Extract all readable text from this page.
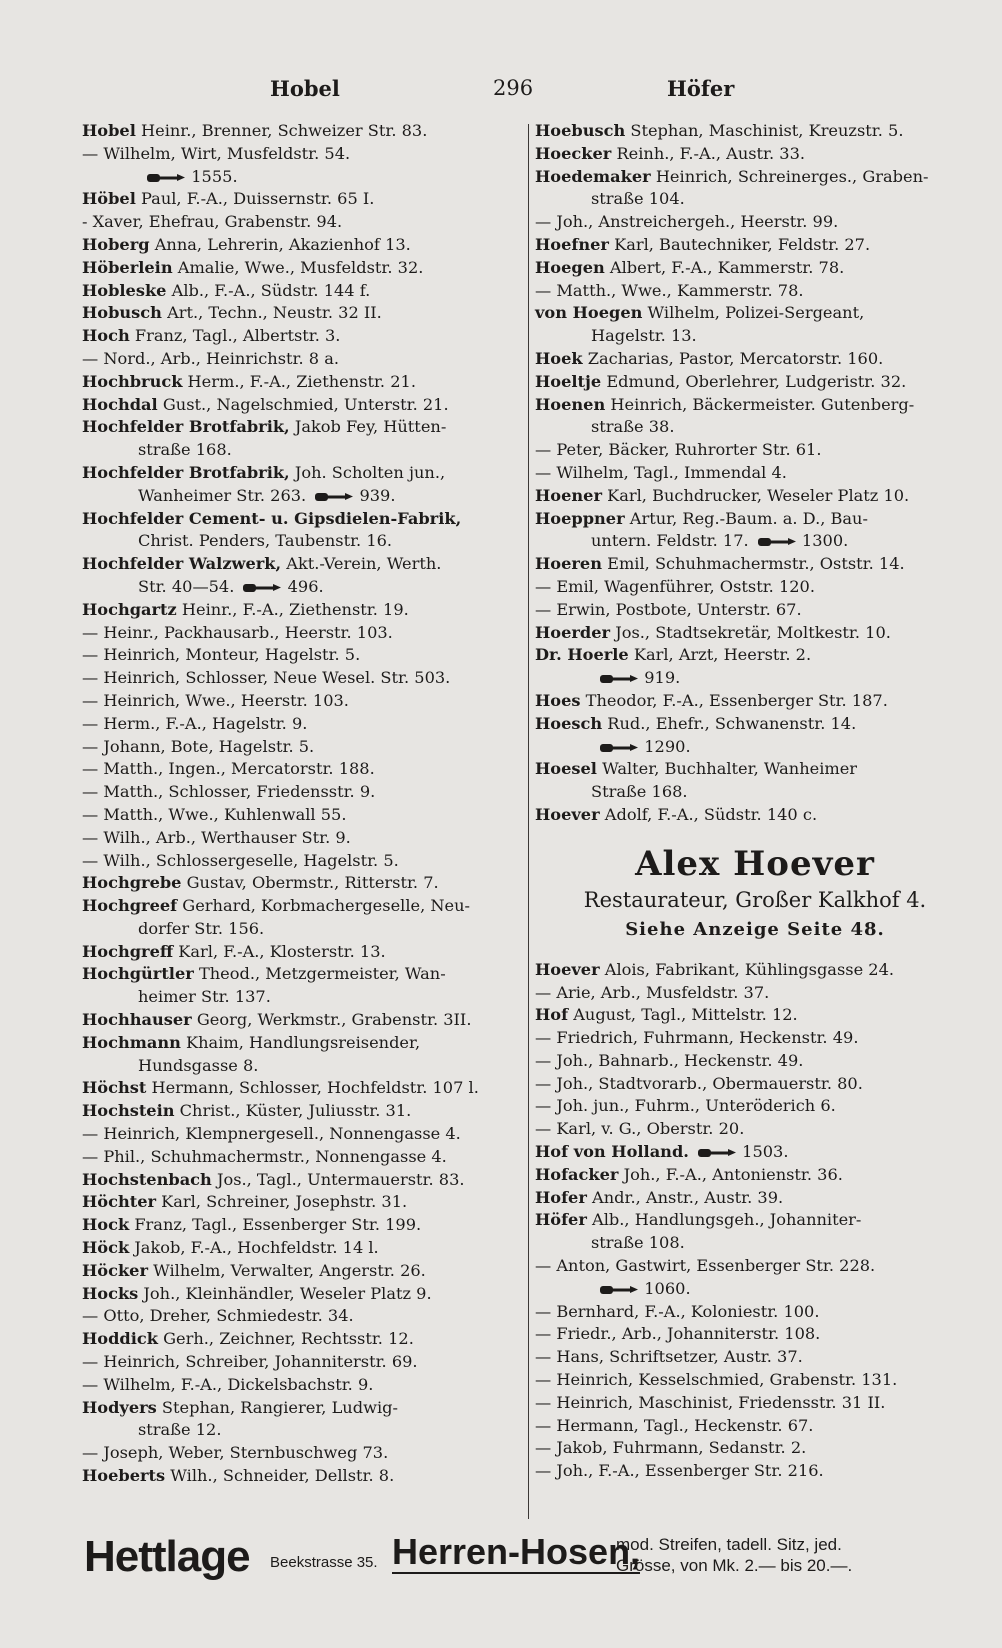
Hobel	296	Höfer
Hobel Heinr., Brenner, Schweizer Str. 83.
— Wilhelm, Wirt, Musfeldstr. 54.
  1555.
Höbel Paul, F.-A., Duissernstr. 65 I.
- Xaver, Ehefrau, Grabenstr. 94.
Hoberg Anna, Lehrerin, Akazienhof 13.
Höberlein Amalie, Wwe., Musfeldstr. 32.
Hobleske Alb., F.-A., Südstr. 144 f.
Hobusch Art., Techn., Neustr. 32 II.
Hoch Franz, Tagl., Albertstr. 3.
— Nord., Arb., Heinrichstr. 8 a.
Hochbruck Herm., F.-A., Ziethenstr. 21.
Hochdal Gust., Nagelschmied, Unterstr. 21.
Hochfelder Brotfabrik, Jakob Fey, Hütten-
straße 168.
Hochfelder Brotfabrik, Joh. Scholten jun.,
Wanheimer Str. 263. 	939.
Hochfelder Cement- u. Gipsdielen-Fabrik,
Christ. Penders, Taubenstr. 16.
Hochfelder Walzwerk, Akt.-Verein, Werth.
Str. 40—54. 	496.
Hochgartz Heinr., F.-A., Ziethenstr. 19.
— Heinr., Packhausarb., Heerstr. 103.
— Heinrich, Monteur, Hagelstr. 5.
— Heinrich, Schlosser, Neue Wesel. Str. 503.
— Heinrich, Wwe., Heerstr. 103.
— Herm., F.-A., Hagelstr. 9.
— Johann, Bote, Hagelstr. 5.
— Matth., Ingen., Mercatorstr. 188.
— Matth., Schlosser, Friedensstr. 9.
— Matth., Wwe., Kuhlenwall 55.
— Wilh., Arb., Werthauser Str. 9.
— Wilh., Schlossergeselle, Hagelstr. 5.
Hochgrebe Gustav, Obermstr., Ritterstr. 7.
Hochgreef Gerhard, Korbmachergeselle, Neu-
dorfer Str. 156.
Hochgreff Karl, F.-A., Klosterstr. 13.
Hochgürtler Theod., Metzgermeister, Wan-
heimer Str. 137.
Hochhauser Georg, Werkmstr., Grabenstr. 3II.
Hochmann Khaim, Handlungsreisender,
Hundsgasse 8.
Höchst Hermann, Schlosser, Hochfeldstr. 107 l.
Hochstein Christ., Küster, Juliusstr. 31.
— Heinrich, Klempnergesell., Nonnengasse 4.
— Phil., Schuhmachermstr., Nonnengasse 4.
Hochstenbach Jos., Tagl., Untermauerstr. 83.
Höchter Karl, Schreiner, Josephstr. 31.
Hock Franz, Tagl., Essenberger Str. 199.
Höck Jakob, F.-A., Hochfeldstr. 14 l.
Höcker Wilhelm, Verwalter, Angerstr. 26.
Hocks Joh., Kleinhändler, Weseler Platz 9.
— Otto, Dreher, Schmiedestr. 34.
Hoddick Gerh., Zeichner, Rechtsstr. 12.
— Heinrich, Schreiber, Johanniterstr. 69.
— Wilhelm, F.-A., Dickelsbachstr. 9.
Hodyers Stephan, Rangierer, Ludwig-
straße 12.
— Joseph, Weber, Sternbuschweg 73.
Hoeberts Wilh., Schneider, Dellstr. 8.
Hoebusch Stephan, Maschinist, Kreuzstr. 5.
Hoecker Reinh., F.-A., Austr. 33.
Hoedemaker Heinrich, Schreinerges., Graben-
straße 104.
— Joh., Anstreichergeh., Heerstr. 99.
Hoefner Karl, Bautechniker, Feldstr. 27.
Hoegen Albert, F.-A., Kammerstr. 78.
— Matth., Wwe., Kammerstr. 78.
von Hoegen Wilhelm, Polizei-Sergeant,
Hagelstr. 13.
Hoek Zacharias, Pastor, Mercatorstr. 160.
Hoeltje Edmund, Oberlehrer, Ludgeristr. 32.
Hoenen Heinrich, Bäckermeister. Gutenberg-
straße 38.
— Peter, Bäcker, Ruhrorter Str. 61.
— Wilhelm, Tagl., Immendal 4.
Hoener Karl, Buchdrucker, Weseler Platz 10.
Hoeppner Artur, Reg.-Baum. a. D., Bau-
untern. Feldstr. 17. 	1300.
Hoeren Emil, Schuhmachermstr., Oststr. 14.
— Emil, Wagenführer, Oststr. 120.
— Erwin, Postbote, Unterstr. 67.
Hoerder Jos., Stadtsekretär, Moltkestr. 10.
Dr. Hoerle Karl, Arzt, Heerstr. 2.
  919.
Hoes Theodor, F.-A., Essenberger Str. 187.
Hoesch Rud., Ehefr., Schwanenstr. 14.
  1290.
Hoesel Walter, Buchhalter, Wanheimer
Straße 168.
Hoever Adolf, F.-A., Südstr. 140 c.
Alex Hoever
Restaurateur, Großer Kalkhof 4.
Siehe Anzeige Seite 48.
Hoever Alois, Fabrikant, Kühlingsgasse 24.
— Arie, Arb., Musfeldstr. 37.
Hof August, Tagl., Mittelstr. 12.
— Friedrich, Fuhrmann, Heckenstr. 49.
— Joh., Bahnarb., Heckenstr. 49.
— Joh., Stadtvorarb., Obermauerstr. 80.
— Joh. jun., Fuhrm., Unteröderich 6.
— Karl, v. G., Oberstr. 20.
Hof von Holland. 	1503.
Hofacker Joh., F.-A., Antonienstr. 36.
Hofer Andr., Anstr., Austr. 39.
Höfer Alb., Handlungsgeh., Johanniter-
straße 108.
— Anton, Gastwirt, Essenberger Str. 228.
  1060.
— Bernhard, F.-A., Koloniestr. 100.
— Friedr., Arb., Johanniterstr. 108.
— Hans, Schriftsetzer, Austr. 37.
— Heinrich, Kesselschmied, Grabenstr. 131.
— Heinrich, Maschinist, Friedensstr. 31 II.
— Hermann, Tagl., Heckenstr. 67.
— Jakob, Fuhrmann, Sedanstr. 2.
— Joh., F.-A., Essenberger Str. 216.
Hettlage Beekstrasse 35. Herren-Hosen,
mod. Streifen, tadell. Sitz, jed.
Grösse, von Mk. 2.— bis 20.—.
